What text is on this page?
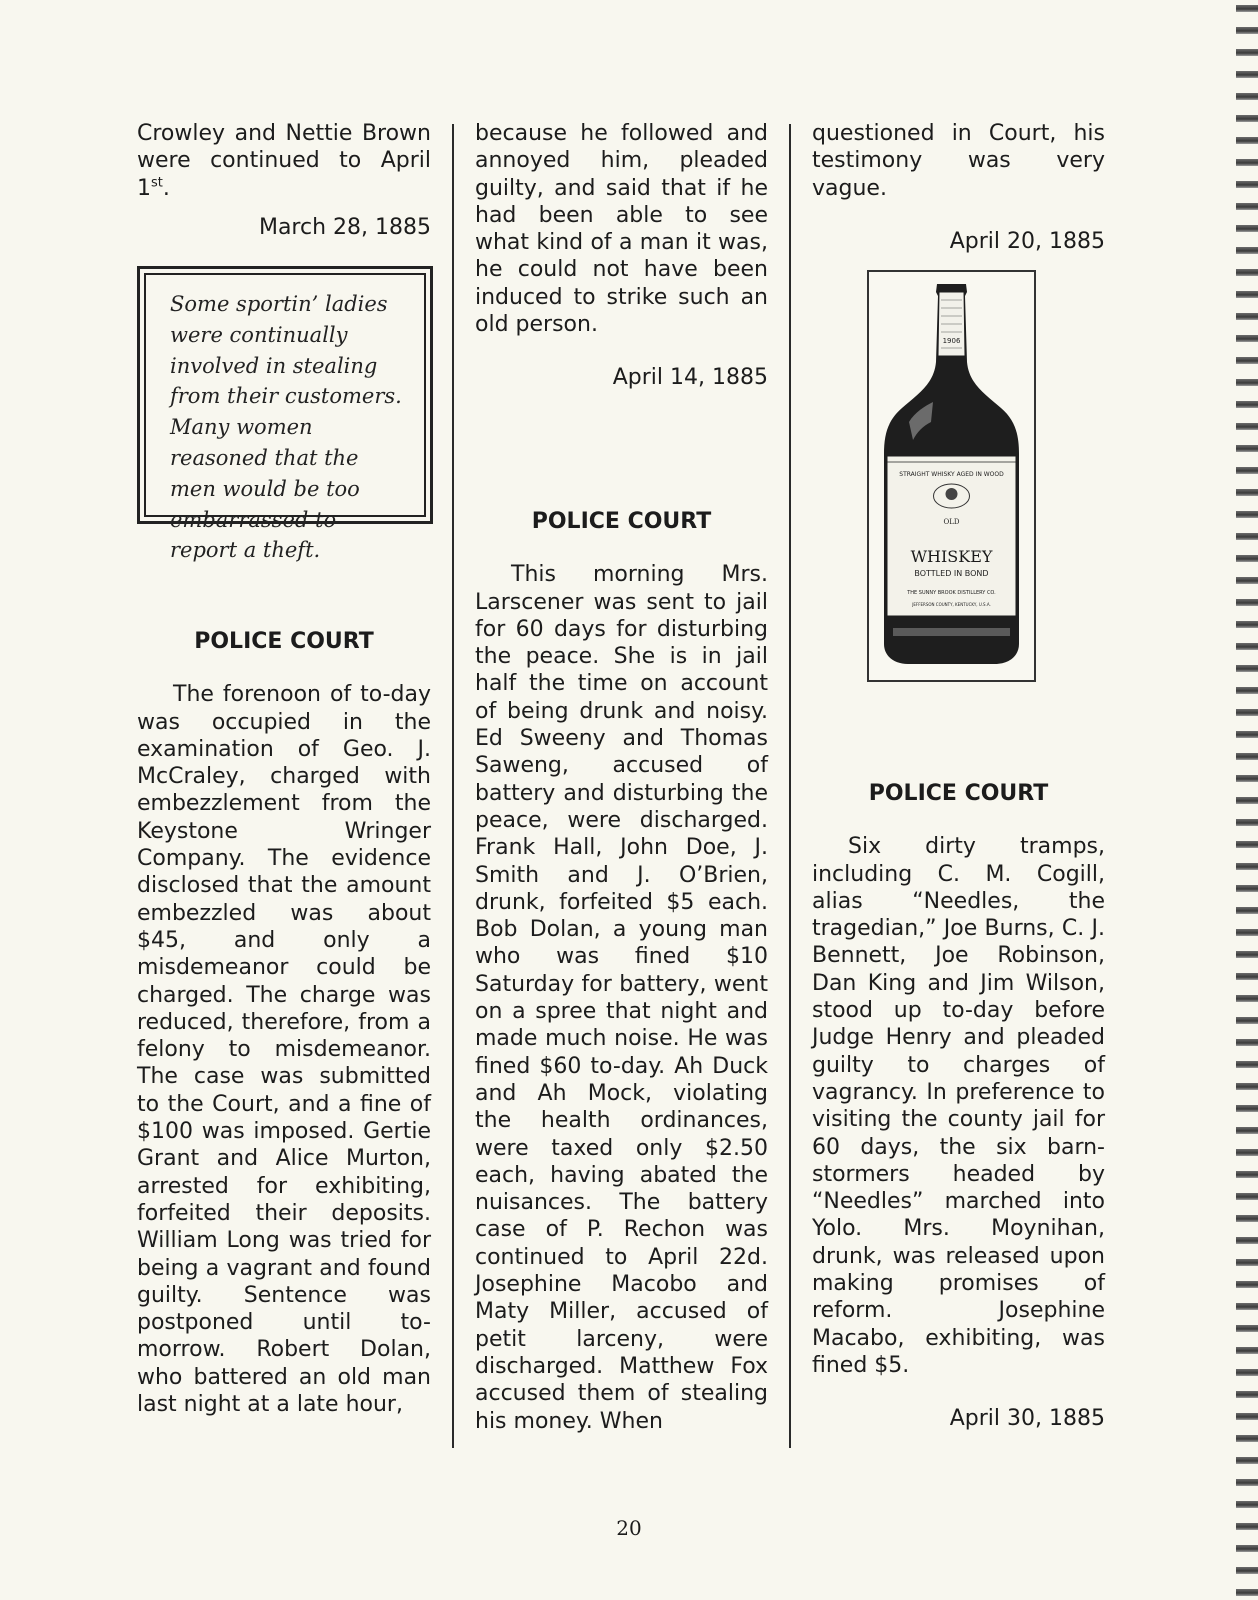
Crowley and Nettie Brown were continued to April 1st.

March 28, 1885

Some sportin’ ladies were continually involved in stealing from their customers. Many women reasoned that the men would be too embarrassed to report a theft.

POLICE COURT

The forenoon of to-day was occupied in the examination of Geo. J. McCraley, charged with embezzlement from the Keystone Wringer Company. The evidence disclosed that the amount embezzled was about $45, and only a misdemeanor could be charged. The charge was reduced, therefore, from a felony to misdemeanor. The case was submitted to the Court, and a fine of $100 was imposed. Gertie Grant and Alice Murton, arrested for exhibiting, forfeited their deposits. William Long was tried for being a vagrant and found guilty. Sentence was postponed until to-morrow. Robert Dolan, who battered an old man last night at a late hour,

because he followed and annoyed him, pleaded guilty, and said that if he had been able to see what kind of a man it was, he could not have been induced to strike such an old person.

April 14, 1885

POLICE COURT

This morning Mrs. Larscener was sent to jail for 60 days for disturbing the peace. She is in jail half the time on account of being drunk and noisy. Ed Sweeny and Thomas Saweng, accused of battery and disturbing the peace, were discharged. Frank Hall, John Doe, J. Smith and J. O’Brien, drunk, forfeited $5 each. Bob Dolan, a young man who was fined $10 Saturday for battery, went on a spree that night and made much noise. He was fined $60 to-day. Ah Duck and Ah Mock, violating the health ordinances, were taxed only $2.50 each, having abated the nuisances. The battery case of P. Rechon was continued to April 22d. Josephine Macobo and Maty Miller, accused of petit larceny, were discharged. Matthew Fox accused them of stealing his money. When

questioned in Court, his testimony was very vague.

April 20, 1885

1906
STRAIGHT WHISKY AGED IN WOOD
OLD
WHISKEY
BOTTLED IN BOND
THE SUNNY BROOK DISTILLERY CO.
JEFFERSON COUNTY, KENTUCKY, U.S.A.

POLICE COURT

Six dirty tramps, including C. M. Cogill, alias “Needles, the tragedian,” Joe Burns, C. J. Bennett, Joe Robinson, Dan King and Jim Wilson, stood up to-day before Judge Henry and pleaded guilty to charges of vagrancy. In preference to visiting the county jail for 60 days, the six barn-stormers headed by “Needles” marched into Yolo. Mrs. Moynihan, drunk, was released upon making promises of reform. Josephine Macabo, exhibiting, was fined $5.

April 30, 1885

20
